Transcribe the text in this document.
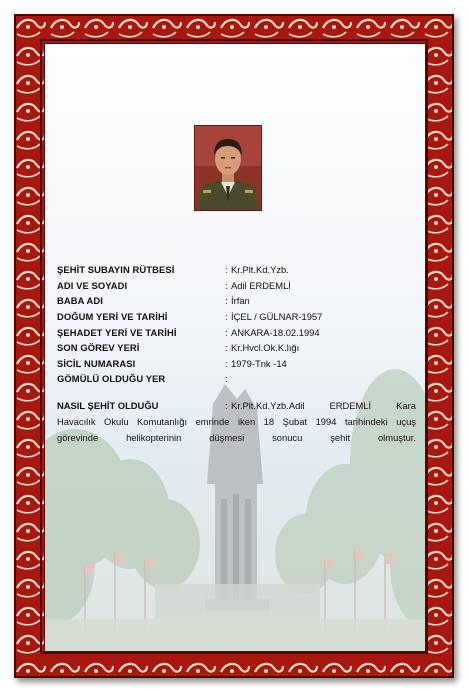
ŞEHİT SUBAYIN RÜTBESİ	: Kr.Plt.Kd.Yzb.
ADI VE SOYADI	: Adil ERDEMLİ
BABA ADI	: İrfan
DOĞUM YERİ VE TARİHİ	: İÇEL / GÜLNAR-1957
ŞEHADET YERİ VE TARİHİ	: ANKARA-18.02.1994
SON GÖREV YERİ	: Kr.Hvcl.Ok.K.lığı
SİCİL NUMARASI	: 1979-Tnk -14
GÖMÜLÜ OLDUĞU YER	:
NASIL ŞEHİT OLDUĞU	: Kr.Plt.Kd.Yzb.Adil ERDEMLİ Kara
Havacılık Okulu Komutanlığı emrinde iken 18 Şubat 1994 tarihindeki uçuş
görevinde helikopterinin düşmesi sonucu şehit olmuştur.
